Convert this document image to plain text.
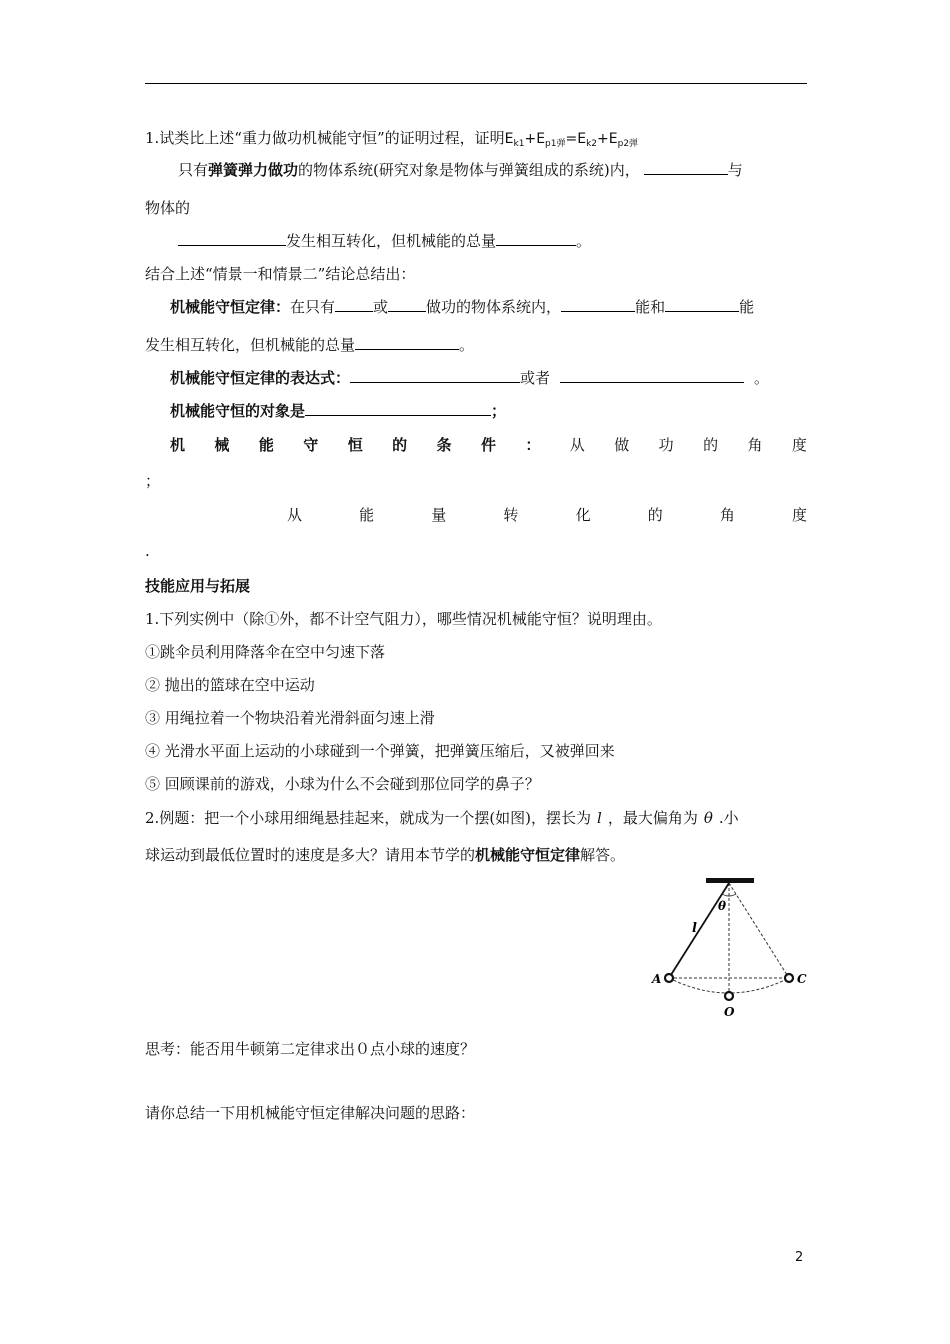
1.试类比上述“重力做功机械能守恒”的证明过程，证明$E_{k1}+E_{p1弹}=E_{k2}+E_{p2弹}$
只有弹簧弹力做功的物体系统(研究对象是物体与弹簧组成的系统)内，	与
物体的
发生相互转化，但机械能的总量	。
结合上述“情景一和情景二”结论总结出：
机械能守恒定律：在只有	或	做功的物体系统内，	能和	能
发生相互转化，但机械能的总量	。
机械能守恒定律的表达式：	或者	。
机械能守恒的对象是	；
机 械 能 守 恒 的 条 件 ： 从 做 功 的 角 度
；
从	能	量	转	化	的	角	度
.
技能应用与拓展
1.下列实例中（除①外，都不计空气阻力），哪些情况机械能守恒？说明理由。
①跳伞员利用降落伞在空中匀速下落
② 抛出的篮球在空中运动
③ 用绳拉着一个物块沿着光滑斜面匀速上滑
④ 光滑水平面上运动的小球碰到一个弹簧，把弹簧压缩后，又被弹回来
⑤ 回顾课前的游戏，小球为什么不会碰到那位同学的鼻子？
2.例题：把一个小球用细绳悬挂起来，就成为一个摆(如图)，摆长为 l ，最大偏角为 θ .小
球运动到最低位置时的速度是多大？请用本节学的机械能守恒定律解答。
θ
l
A	C
O
思考：能否用牛顿第二定律求出０点小球的速度？
请你总结一下用机械能守恒定律解决问题的思路：
2
